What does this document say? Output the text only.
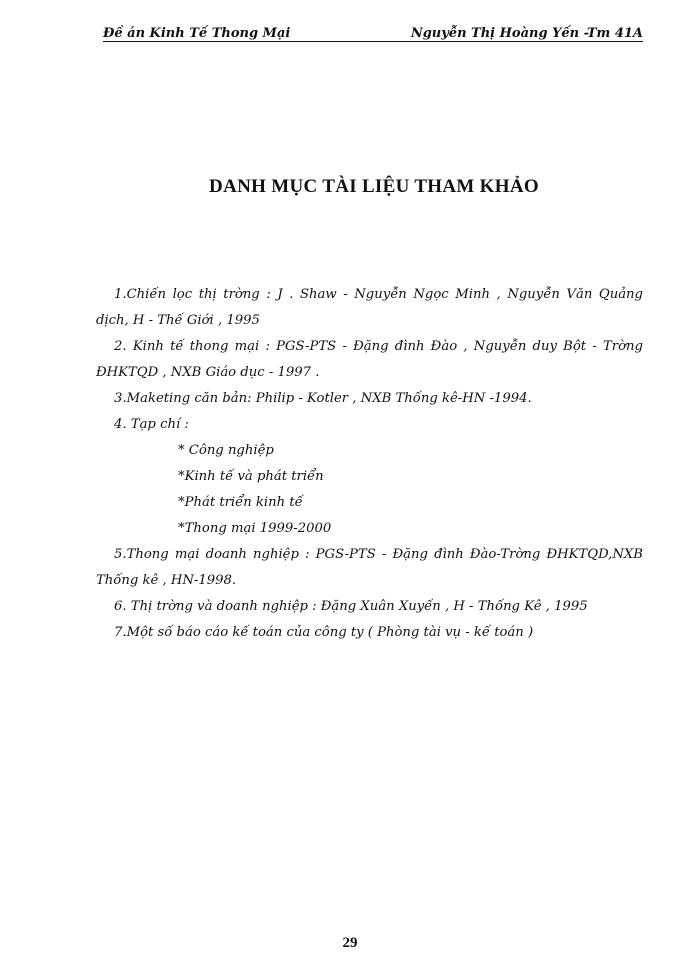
Đề án Kinh Tế Thong Mại	Nguyễn Thị Hoàng Yến -Tm 41A
DANH MỤC TÀI LIỆU THAM KHẢO

1.Chiến lọc thị trờng : J . Shaw - Nguyễn Ngọc Minh , Nguyễn Văn Quảng dịch, H - Thế Giới , 1995

2. Kinh tế thong mại : PGS-PTS - Đặng đình Đào , Nguyễn duy Bột - Trờng ĐHKTQD , NXB Giáo dục - 1997 .

3.Maketing căn bản: Philip - Kotler , NXB Thống kê-HN -1994.

4. Tạp chí :

* Công nghiệp

*Kinh tế và phát triển

*Phát triển kinh tế

*Thong mại 1999-2000

5.Thong mại doanh nghiệp : PGS-PTS - Đặng đình Đào-Trờng ĐHKTQD,NXB Thống kê , HN-1998.

6. Thị trờng và doanh nghiệp : Đặng Xuân Xuyến , H - Thống Kê , 1995

7.Một số báo cáo kế toán của công ty ( Phòng tài vụ - kế toán )

29
